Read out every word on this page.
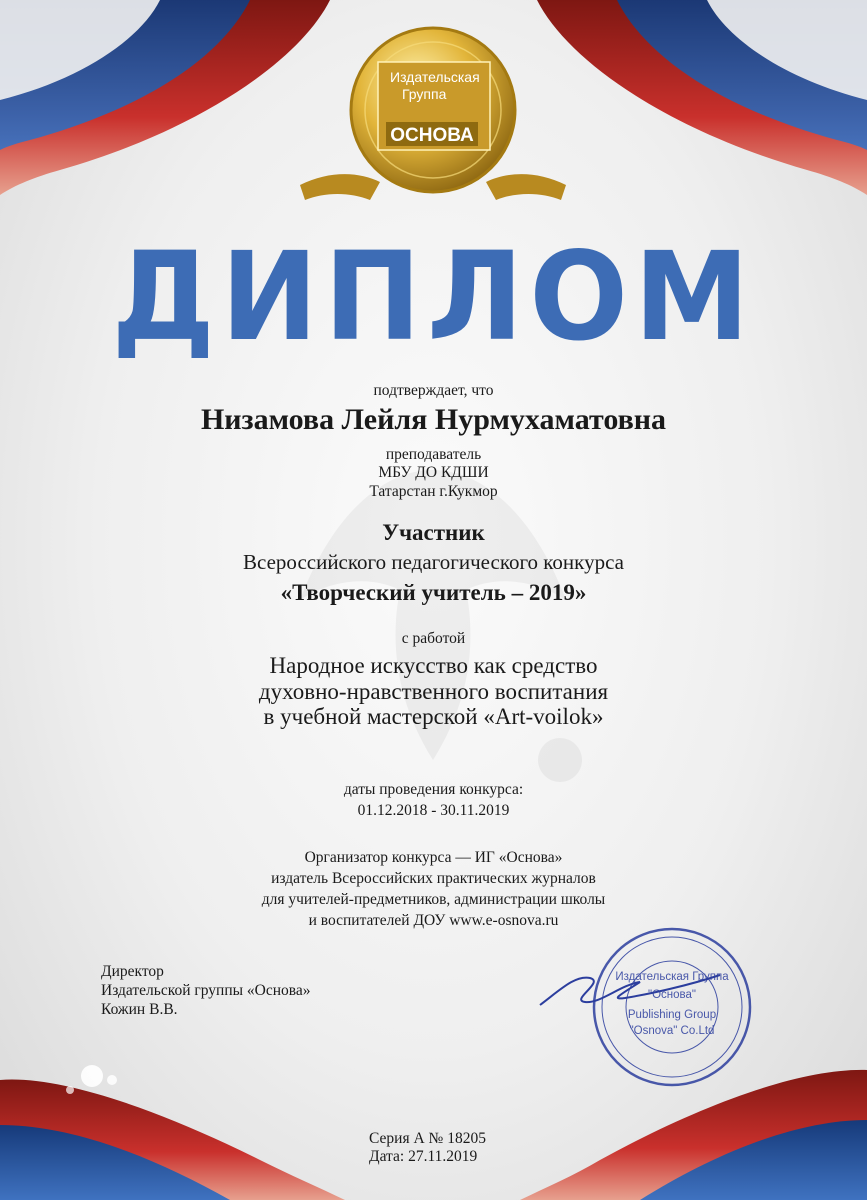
Издательская
Группа
ОСНОВА
Издательская Группа
"Основа"
Publishing Group
"Osnova" Co.Ltd
ДИПЛОМ
подтверждает, что
Низамова Лейля Нурмухаматовна
преподаватель
МБУ ДО КДШИ
Татарстан г.Кукмор
Участник
Всероссийского педагогического конкурса
«Творческий учитель – 2019»
с работой
Народное искусство как средство
духовно-нравственного воспитания
в учебной мастерской «Art-voilok»
даты проведения конкурса:
01.12.2018 - 30.11.2019
Организатор конкурса — ИГ «Основа»
издатель Всероссийских практических журналов
для учителей-предметников, администрации школы
и воспитателей ДОУ www.e-osnova.ru
Директор
Издательской группы «Основа»
Кожин В.В.
Серия А № 18205
Дата: 27.11.2019
